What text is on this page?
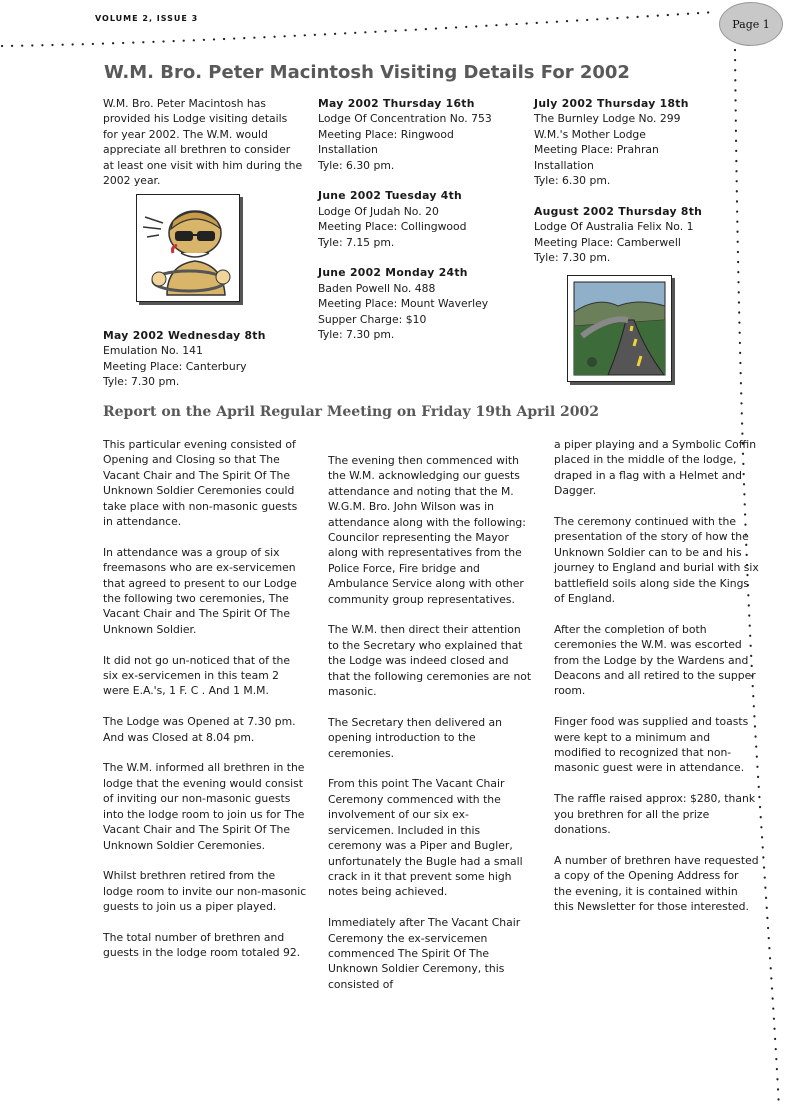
VOLUME 2, ISSUE 3	Page 1
W.M. Bro. Peter Macintosh Visiting Details For 2002

W.M. Bro. Peter Macintosh has provided his Lodge visiting details for year 2002. The W.M. would appreciate all brethren to consider at least one visit with him during the 2002 year.

May 2002 Wednesday 8th
Emulation No. 141
Meeting Place: Canterbury
Tyle: 7.30 pm.

May 2002 Thursday 16th
Lodge Of Concentration No. 753
Meeting Place: Ringwood
Installation
Tyle: 6.30 pm.

June 2002 Tuesday 4th
Lodge Of Judah No. 20
Meeting Place: Collingwood
Tyle: 7.15 pm.

June 2002 Monday 24th
Baden Powell No. 488
Meeting Place: Mount Waverley
Supper Charge: $10
Tyle: 7.30 pm.

July 2002 Thursday 18th
The Burnley Lodge No. 299
W.M.'s Mother Lodge
Meeting Place: Prahran
Installation
Tyle: 6.30 pm.

August 2002 Thursday 8th
Lodge Of Australia Felix No. 1
Meeting Place: Camberwell
Tyle: 7.30 pm.

Report on the April Regular Meeting on Friday 19th April 2002

This particular evening consisted of Opening and Closing so that The Vacant Chair and The Spirit Of The Unknown Soldier Ceremonies could take place with non-masonic guests in attendance.

In attendance was a group of six freemasons who are ex-servicemen that agreed to present to our Lodge the following two ceremonies, The Vacant Chair and The Spirit Of The Unknown Soldier.

It did not go un-noticed that of the six ex-servicemen in this team 2 were E.A.'s, 1 F. C . And 1 M.M.

The Lodge was Opened at 7.30 pm. And was Closed at 8.04 pm.

The W.M. informed all brethren in the lodge that the evening would consist of inviting our non-masonic guests into the lodge room to join us for The Vacant Chair and The Spirit Of The Unknown Soldier Ceremonies.

Whilst brethren retired from the lodge room to invite our non-masonic guests to join us a piper played.

The total number of brethren and guests in the lodge room totaled 92.

The evening then commenced with the W.M. acknowledging our guests attendance and noting that the M. W.G.M. Bro. John Wilson was in attendance along with the following: Councilor representing the Mayor along with representatives from the Police Force, Fire bridge and Ambulance Service along with other community group representatives.

The W.M. then direct their attention to the Secretary who explained that the Lodge was indeed closed and that the following ceremonies are not masonic.

The Secretary then delivered an opening introduction to the ceremonies.

From this point The Vacant Chair Ceremony commenced with the involvement of our six ex-servicemen. Included in this ceremony was a Piper and Bugler, unfortunately the Bugle had a small crack in it that prevent some high notes being achieved.

Immediately after The Vacant Chair Ceremony the ex-servicemen commenced The Spirit Of The Unknown Soldier Ceremony, this consisted of

a piper playing and a Symbolic Coffin placed in the middle of the lodge, draped in a flag with a Helmet and Dagger.

The ceremony continued with the presentation of the story of how the Unknown Soldier can to be and his journey to England and burial with six battlefield soils along side the Kings of England.

After the completion of both ceremonies the W.M. was escorted from the Lodge by the Wardens and Deacons and all retired to the supper room.

Finger food was supplied and toasts were kept to a minimum and modified to recognized that non-masonic guest were in attendance.

The raffle raised approx: $280, thank you brethren for all the prize donations.

A number of brethren have requested a copy of the Opening Address for the evening, it is contained within this Newsletter for those interested.
